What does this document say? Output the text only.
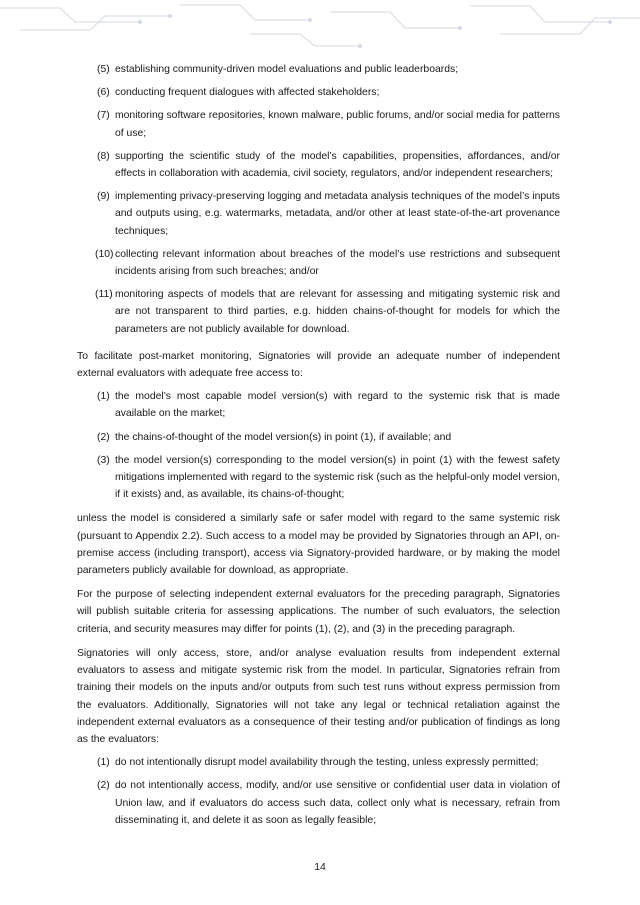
(5) establishing community-driven model evaluations and public leaderboards;
(6) conducting frequent dialogues with affected stakeholders;
(7) monitoring software repositories, known malware, public forums, and/or social media for patterns of use;
(8) supporting the scientific study of the model’s capabilities, propensities, affordances, and/or effects in collaboration with academia, civil society, regulators, and/or independent researchers;
(9) implementing privacy-preserving logging and metadata analysis techniques of the model’s inputs and outputs using, e.g. watermarks, metadata, and/or other at least state-of-the-art provenance techniques;
(10) collecting relevant information about breaches of the model’s use restrictions and subsequent incidents arising from such breaches; and/or
(11) monitoring aspects of models that are relevant for assessing and mitigating systemic risk and are not transparent to third parties, e.g. hidden chains-of-thought for models for which the parameters are not publicly available for download.

To facilitate post-market monitoring, Signatories will provide an adequate number of independent external evaluators with adequate free access to:

(1) the model’s most capable model version(s) with regard to the systemic risk that is made available on the market;
(2) the chains-of-thought of the model version(s) in point (1), if available; and
(3) the model version(s) corresponding to the model version(s) in point (1) with the fewest safety mitigations implemented with regard to the systemic risk (such as the helpful-only model version, if it exists) and, as available, its chains-of-thought;

unless the model is considered a similarly safe or safer model with regard to the same systemic risk (pursuant to Appendix 2.2). Such access to a model may be provided by Signatories through an API, on-premise access (including transport), access via Signatory-provided hardware, or by making the model parameters publicly available for download, as appropriate.

For the purpose of selecting independent external evaluators for the preceding paragraph, Signatories will publish suitable criteria for assessing applications. The number of such evaluators, the selection criteria, and security measures may differ for points (1), (2), and (3) in the preceding paragraph.

Signatories will only access, store, and/or analyse evaluation results from independent external evaluators to assess and mitigate systemic risk from the model. In particular, Signatories refrain from training their models on the inputs and/or outputs from such test runs without express permission from the evaluators. Additionally, Signatories will not take any legal or technical retaliation against the independent external evaluators as a consequence of their testing and/or publication of findings as long as the evaluators:

(1) do not intentionally disrupt model availability through the testing, unless expressly permitted;
(2) do not intentionally access, modify, and/or use sensitive or confidential user data in violation of Union law, and if evaluators do access such data, collect only what is necessary, refrain from disseminating it, and delete it as soon as legally feasible;
14
